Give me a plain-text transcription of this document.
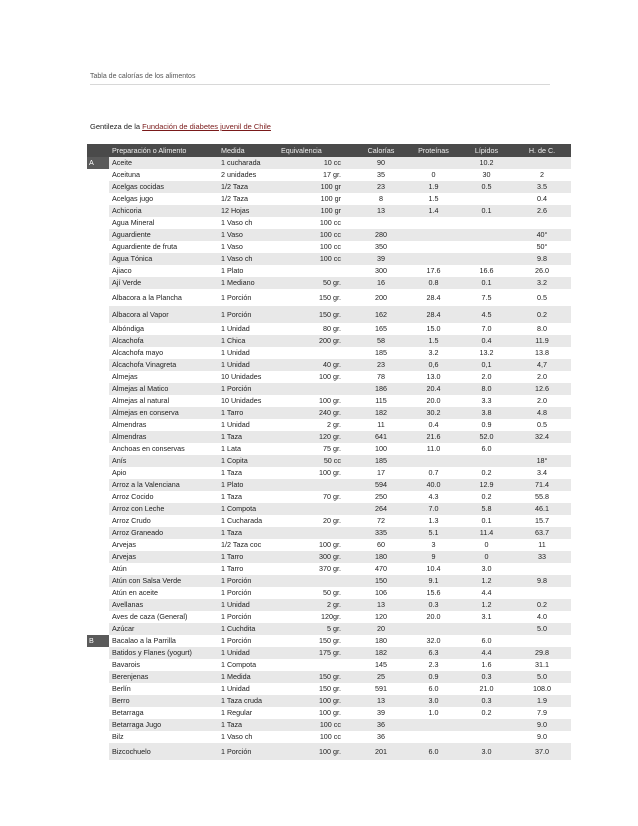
Tabla de calorías de los alimentos
Gentileza de la Fundación de diabetes juvenil de Chile
	Preparación o Alimento	Medida	Equivalencia	Calorías	Proteínas	Lípidos	H. de C.
A	Aceite	1 cucharada	10 cc	90		10.2	
	Aceituna	2 unidades	17 gr.	35	0	30	2
	Acelgas cocidas	1/2 Taza	100 gr	23	1.9	0.5	3.5
	Acelgas jugo	1/2 Taza	100 gr	8	1.5		0.4
	Achicoria	12 Hojas	100 gr	13	1.4	0.1	2.6
	Agua Mineral	1 Vaso ch	100 cc				
	Aguardiente	1 Vaso	100 cc	280			40°
	Aguardiente de fruta	1 Vaso	100 cc	350			50°
	Agua Tónica	1 Vaso ch	100 cc	39			9.8
	Ajiaco	1 Plato		300	17.6	16.6	26.0
	Ají Verde	1 Mediano	50 gr.	16	0.8	0.1	3.2
	Albacora a la Plancha	1 Porción	150 gr.	200	28.4	7.5	0.5
	Albacora al Vapor	1 Porción	150 gr.	162	28.4	4.5	0.2
	Albóndiga	1 Unidad	80 gr.	165	15.0	7.0	8.0
	Alcachofa	1 Chica	200 gr.	58	1.5	0.4	11.9
	Alcachofa mayo	1 Unidad		185	3.2	13.2	13.8
	Alcachofa Vinagreta	1 Unidad	40 gr.	23	0,6	0,1	4,7
	Almejas	10 Unidades	100 gr.	78	13.0	2.0	2.0
	Almejas al Matico	1 Porción		186	20.4	8.0	12.6
	Almejas al natural	10 Unidades	100 gr.	115	20.0	3.3	2.0
	Almejas en conserva	1 Tarro	240 gr.	182	30.2	3.8	4.8
	Almendras	1 Unidad	2 gr.	11	0.4	0.9	0.5
	Almendras	1 Taza	120 gr.	641	21.6	52.0	32.4
	Anchoas en conservas	1 Lata	75 gr.	100	11.0	6.0	
	Anís	1 Copita	50 cc	185			18°
	Apio	1 Taza	100 gr.	17	0.7	0.2	3.4
	Arroz a la Valenciana	1 Plato		594	40.0	12.9	71.4
	Arroz Cocido	1 Taza	70 gr.	250	4.3	0.2	55.8
	Arroz con Leche	1 Compota		264	7.0	5.8	46.1
	Arroz Crudo	1 Cucharada	20 gr.	72	1.3	0.1	15.7
	Arroz Graneado	1 Taza		335	5.1	11.4	63.7
	Arvejas	1/2 Taza coc	100 gr.	60	3	0	11
	Arvejas	1 Tarro	300 gr.	180	9	0	33
	Atún	1 Tarro	370 gr.	470	10.4	3.0	
	Atún con Salsa Verde	1 Porción		150	9.1	1.2	9.8
	Atún en aceite	1 Porción	50 gr.	106	15.6	4.4	
	Avellanas	1 Unidad	2 gr.	13	0.3	1.2	0.2
	Aves de caza (General)	1 Porción	120gr.	120	20.0	3.1	4.0
	Azúcar	1 Cuchdita	5 gr.	20			5.0
B	Bacalao a la Parrilla	1 Porción	150 gr.	180	32.0	6.0	
	Batidos y Flanes (yogurt)	1 Unidad	175 gr.	182	6.3	4.4	29.8
	Bavarois	1 Compota		145	2.3	1.6	31.1
	Berenjenas	1 Medida	150 gr.	25	0.9	0.3	5.0
	Berlín	1 Unidad	150 gr.	591	6.0	21.0	108.0
	Berro	1 Taza cruda	100 gr.	13	3.0	0.3	1.9
	Betarraga	1 Regular	100 gr.	39	1.0	0.2	7.9
	Betarraga Jugo	1 Taza	100 cc	36			9.0
	Bilz	1 Vaso ch	100 cc	36			9.0
	Bizcochuelo	1 Porción	100 gr.	201	6.0	3.0	37.0
